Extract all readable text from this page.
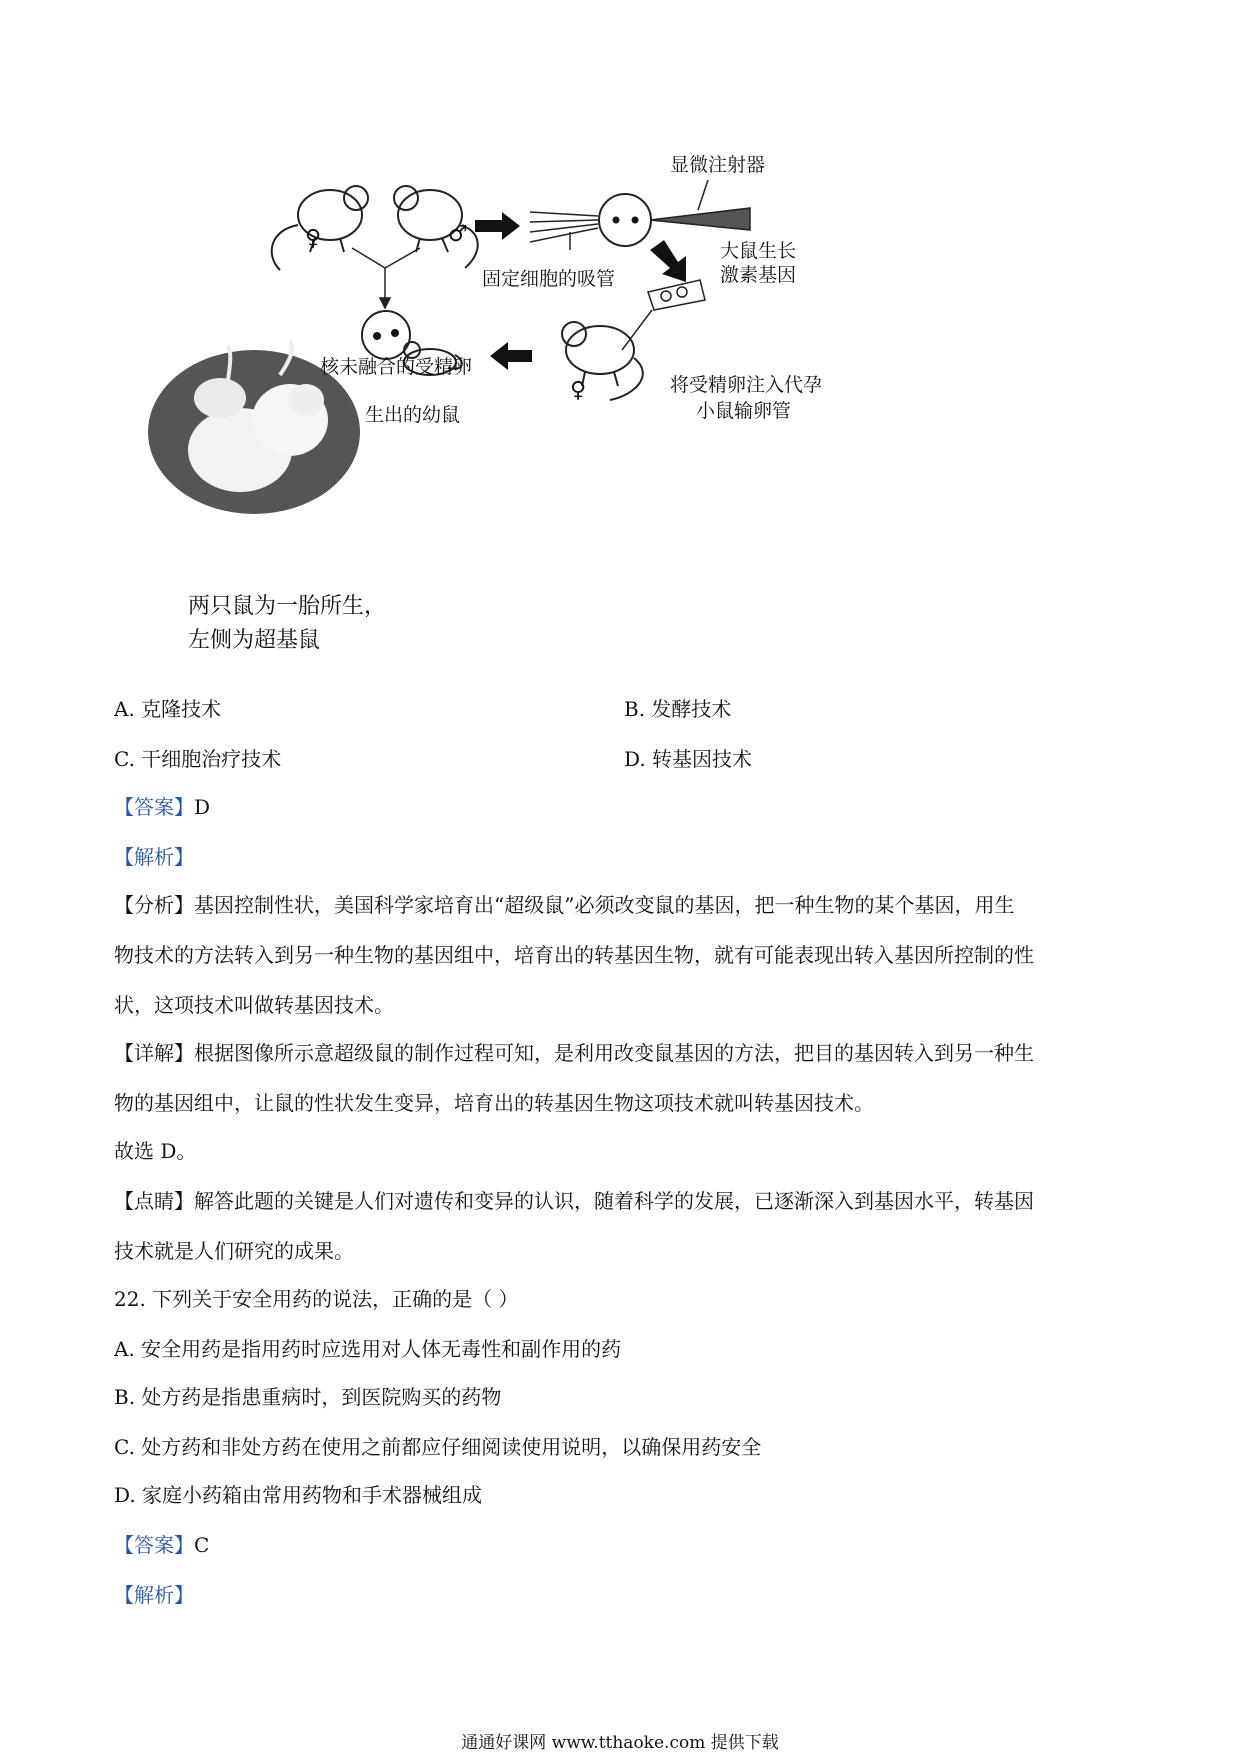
显微注射器
大鼠生长
激素基因
固定细胞的吸管
核未融合的受精卵
将受精卵注入代孕
小鼠输卵管
生出的幼鼠
♀	♂
♀
两只鼠为一胎所生，
左侧为超基鼠
A. 克隆技术	B. 发酵技术
C. 干细胞治疗技术	D. 转基因技术
【答案】D
【解析】
【分析】基因控制性状，美国科学家培育出“超级鼠”必须改变鼠的基因，把一种生物的某个基因，用生
物技术的方法转入到另一种生物的基因组中，培育出的转基因生物，就有可能表现出转入基因所控制的性
状，这项技术叫做转基因技术。
【详解】根据图像所示意超级鼠的制作过程可知，是利用改变鼠基因的方法，把目的基因转入到另一种生
物的基因组中，让鼠的性状发生变异，培育出的转基因生物这项技术就叫转基因技术。
故选 D。
【点睛】解答此题的关键是人们对遗传和变异的认识，随着科学的发展，已逐渐深入到基因水平，转基因
技术就是人们研究的成果。
22. 下列关于安全用药的说法，正确的是（ ）
A. 安全用药是指用药时应选用对人体无毒性和副作用的药
B. 处方药是指患重病时，到医院购买的药物
C. 处方药和非处方药在使用之前都应仔细阅读使用说明，以确保用药安全
D. 家庭小药箱由常用药物和手术器械组成
【答案】C
【解析】
通通好课网 www.tthaoke.com 提供下载
